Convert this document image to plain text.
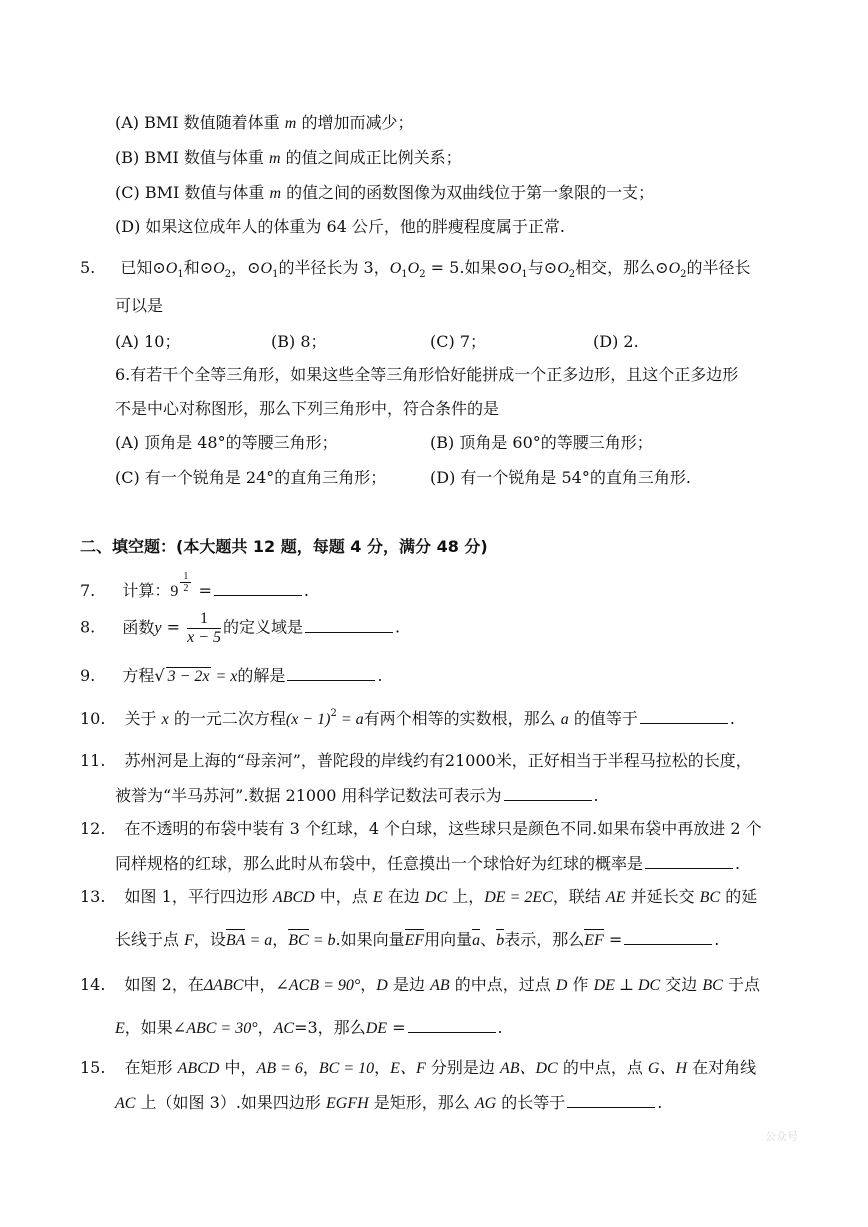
(A) BMI 数值随着体重 m 的增加而减少；
(B) BMI 数值与体重 m 的值之间成正比例关系；
(C) BMI 数值与体重 m 的值之间的函数图像为双曲线位于第一象限的一支；
(D) 如果这位成年人的体重为 64 公斤，他的胖瘦程度属于正常.
5. 已知$⊙O_1$和$⊙O_2$，$⊙O_1$的半径长为 3，$O_1O_2 = 5$.如果$⊙O_1$与$⊙O_2$相交，那么$⊙O_2$的半径长
可以是
(A) 10；	(B) 8；	(C) 7；	(D) 2.
6.有若干个全等三角形，如果这些全等三角形恰好能拼成一个正多边形，且这个正多边形
不是中心对称图形，那么下列三角形中，符合条件的是
(A) 顶角是 48°的等腰三角形；	(B) 顶角是 60°的等腰三角形；
(C) 有一个锐角是 24°的直角三角形；	(D) 有一个锐角是 54°的直角三角形.
二、填空题：(本大题共 12 题，每题 4 分，满分 48 分)
7. 计算：$9 \frac{1}{2}$ =	.
8. 函数$y = \frac{1}{x - 5}$ 的定义域是	.
9. 方程√ 3 − 2x = x的解是	.
10. 关于 x 的一元二次方程$(x - 1)^2 = a$有两个相等的实数根，那么 a 的值等于	.
11. 苏州河是上海的“母亲河”，普陀段的岸线约有21000米，正好相当于半程马拉松的长度，
被誉为“半马苏河”.数据 21000 用科学记数法可表示为	.
12. 在不透明的布袋中装有 3 个红球，4 个白球，这些球只是颜色不同.如果布袋中再放进 2 个
同样规格的红球，那么此时从布袋中，任意摸出一个球恰好为红球的概率是	.
13. 如图 1，平行四边形 ABCD 中，点 E 在边 DC 上，DE = 2EC，联结 AE 并延长交 BC 的延
长线于点 F，设BA = a，BC = b.如果向量EF用向量a、b表示，那么EF =	.
14. 如图 2，在ΔABC中，∠ACB = 90°，D 是边 AB 的中点，过点 D 作 DE ⊥ DC 交边 BC 于点
E，如果∠ABC = 30°，AC=3，那么DE =	.
15. 在矩形 ABCD 中，AB = 6，BC = 10，E、F 分别是边 AB、DC 的中点，点 G、H 在对角线
AC 上（如图 3）.如果四边形 EGFH 是矩形，那么 AG 的长等于	.
公众号
